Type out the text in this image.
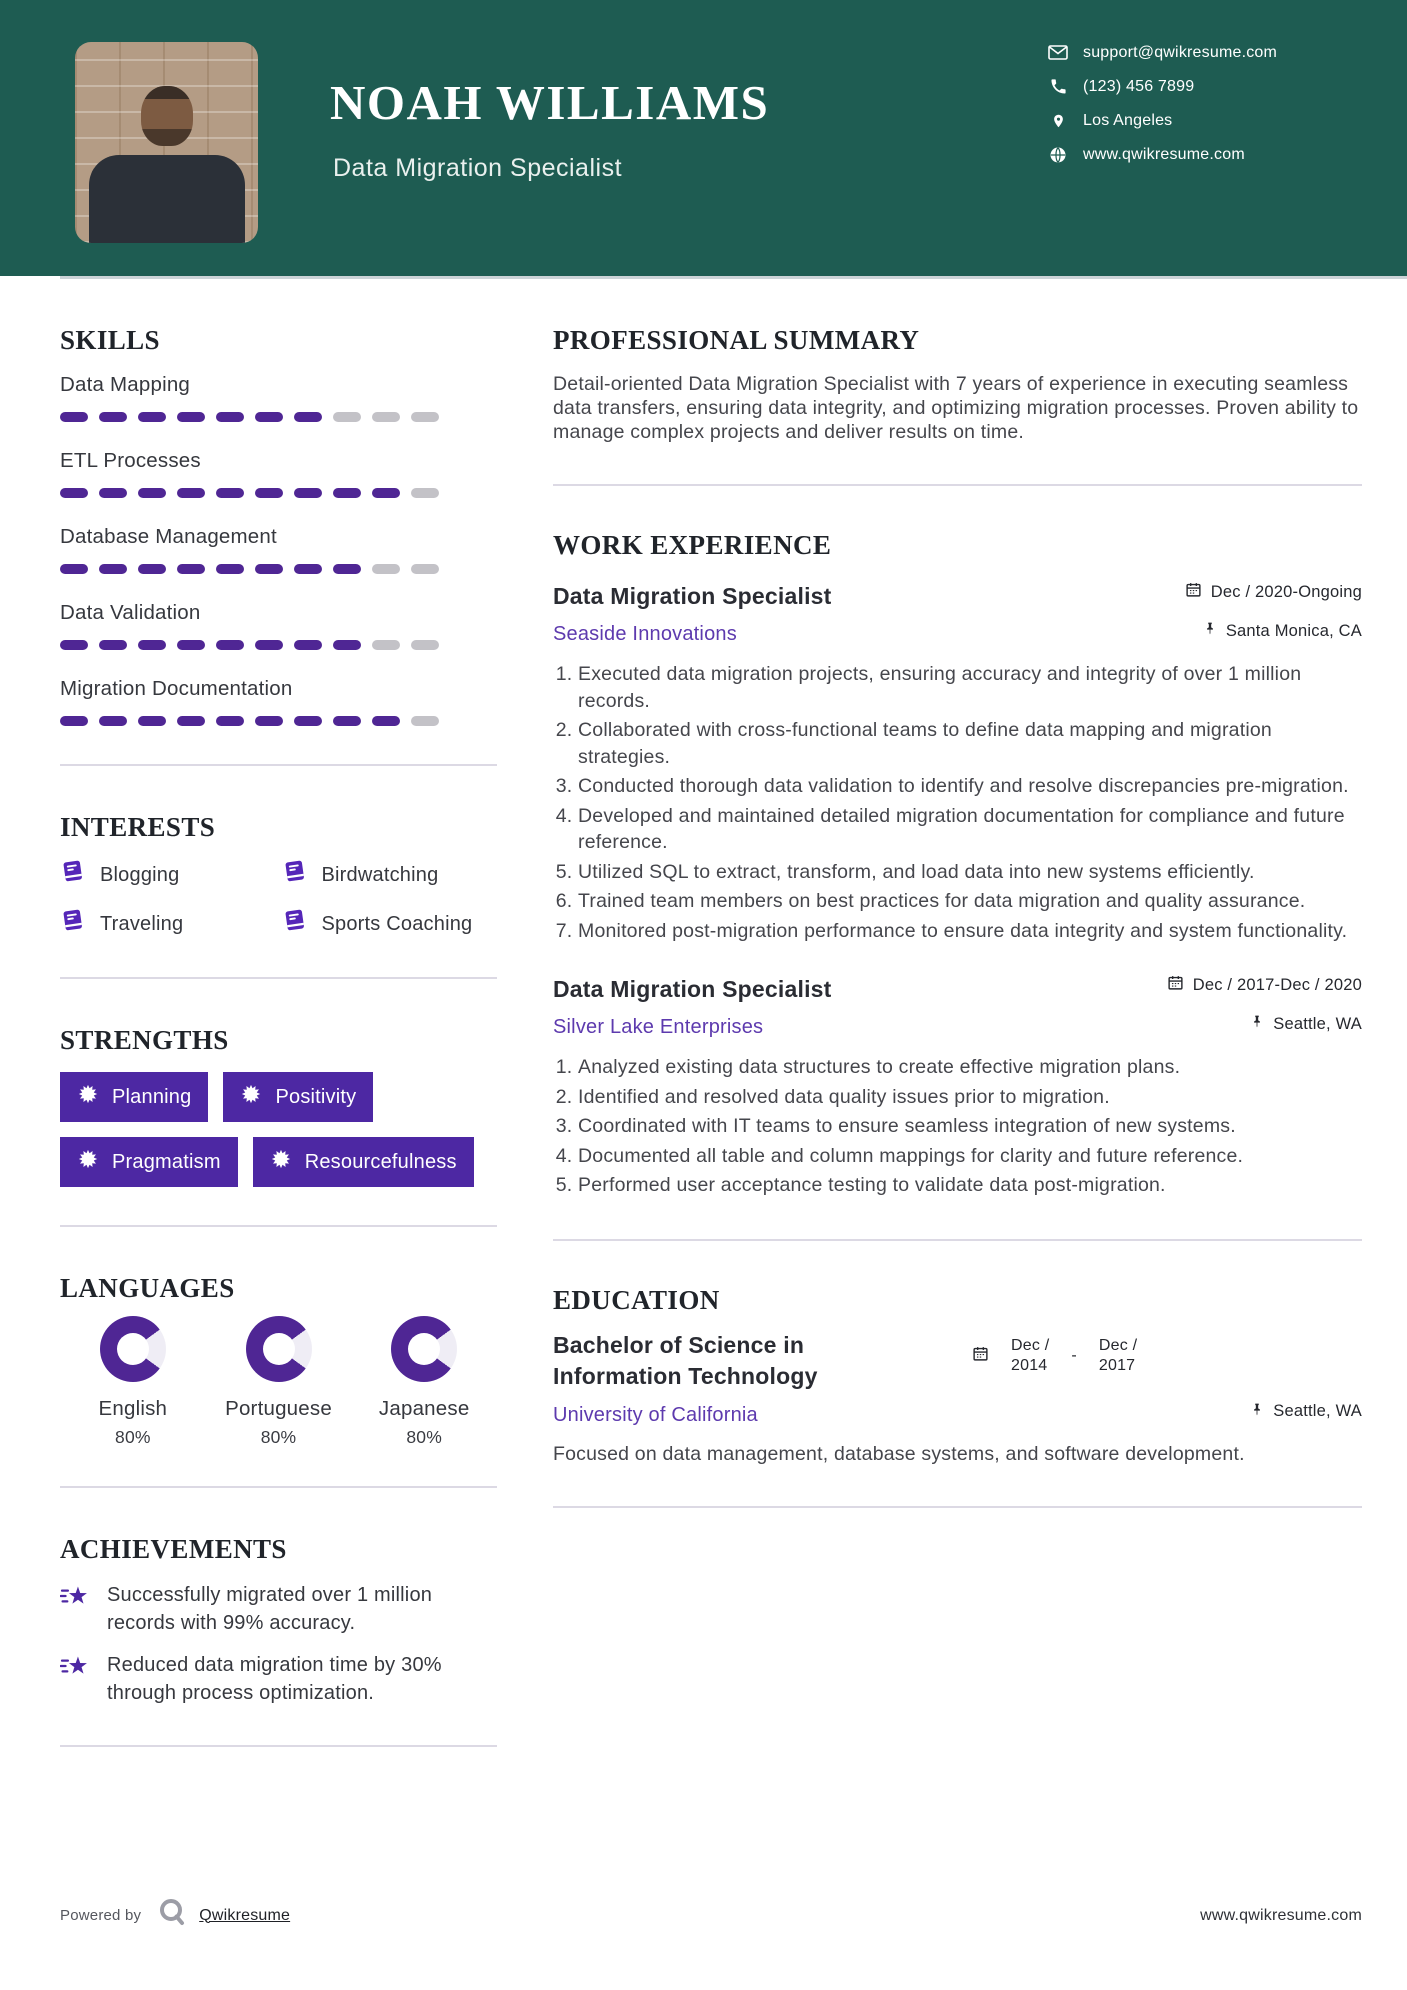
NOAH WILLIAMS
Data Migration Specialist
support@qwikresume.com
(123) 456 7899
Los Angeles
www.qwikresume.com
SKILLS
Data Mapping
ETL Processes
Database Management
Data Validation
Migration Documentation
INTERESTS
Blogging	Birdwatching
Traveling	Sports Coaching
STRENGTHS
Planning	Positivity
Pragmatism	Resourcefulness
LANGUAGES
English
80%
Portuguese
80%
Japanese
80%
ACHIEVEMENTS
Successfully migrated over 1 million records with 99% accuracy.
Reduced data migration time by 30% through process optimization.
PROFESSIONAL SUMMARY

Detail-oriented Data Migration Specialist with 7 years of experience in executing seamless data transfers, ensuring data integrity, and optimizing migration processes. Proven ability to manage complex projects and deliver results on time.

WORK EXPERIENCE
Data Migration Specialist	Dec / 2020-Ongoing
Seaside Innovations	Santa Monica, CA
1. Executed data migration projects, ensuring accuracy and integrity of over 1 million records.
2. Collaborated with cross-functional teams to define data mapping and migration strategies.
3. Conducted thorough data validation to identify and resolve discrepancies pre-migration.
4. Developed and maintained detailed migration documentation for compliance and future reference.
5. Utilized SQL to extract, transform, and load data into new systems efficiently.
6. Trained team members on best practices for data migration and quality assurance.
7. Monitored post-migration performance to ensure data integrity and system functionality.
Data Migration Specialist	Dec / 2017-Dec / 2020
Silver Lake Enterprises	Seattle, WA
1. Analyzed existing data structures to create effective migration plans.
2. Identified and resolved data quality issues prior to migration.
3. Coordinated with IT teams to ensure seamless integration of new systems.
4. Documented all table and column mappings for clarity and future reference.
5. Performed user acceptance testing to validate data post-migration.
EDUCATION
Bachelor of Science in Information Technology
Dec /
2014
-
Dec /
2017
University of California	Seattle, WA

Focused on data management, database systems, and software development.

Powered by	Qwikresume	www.qwikresume.com
